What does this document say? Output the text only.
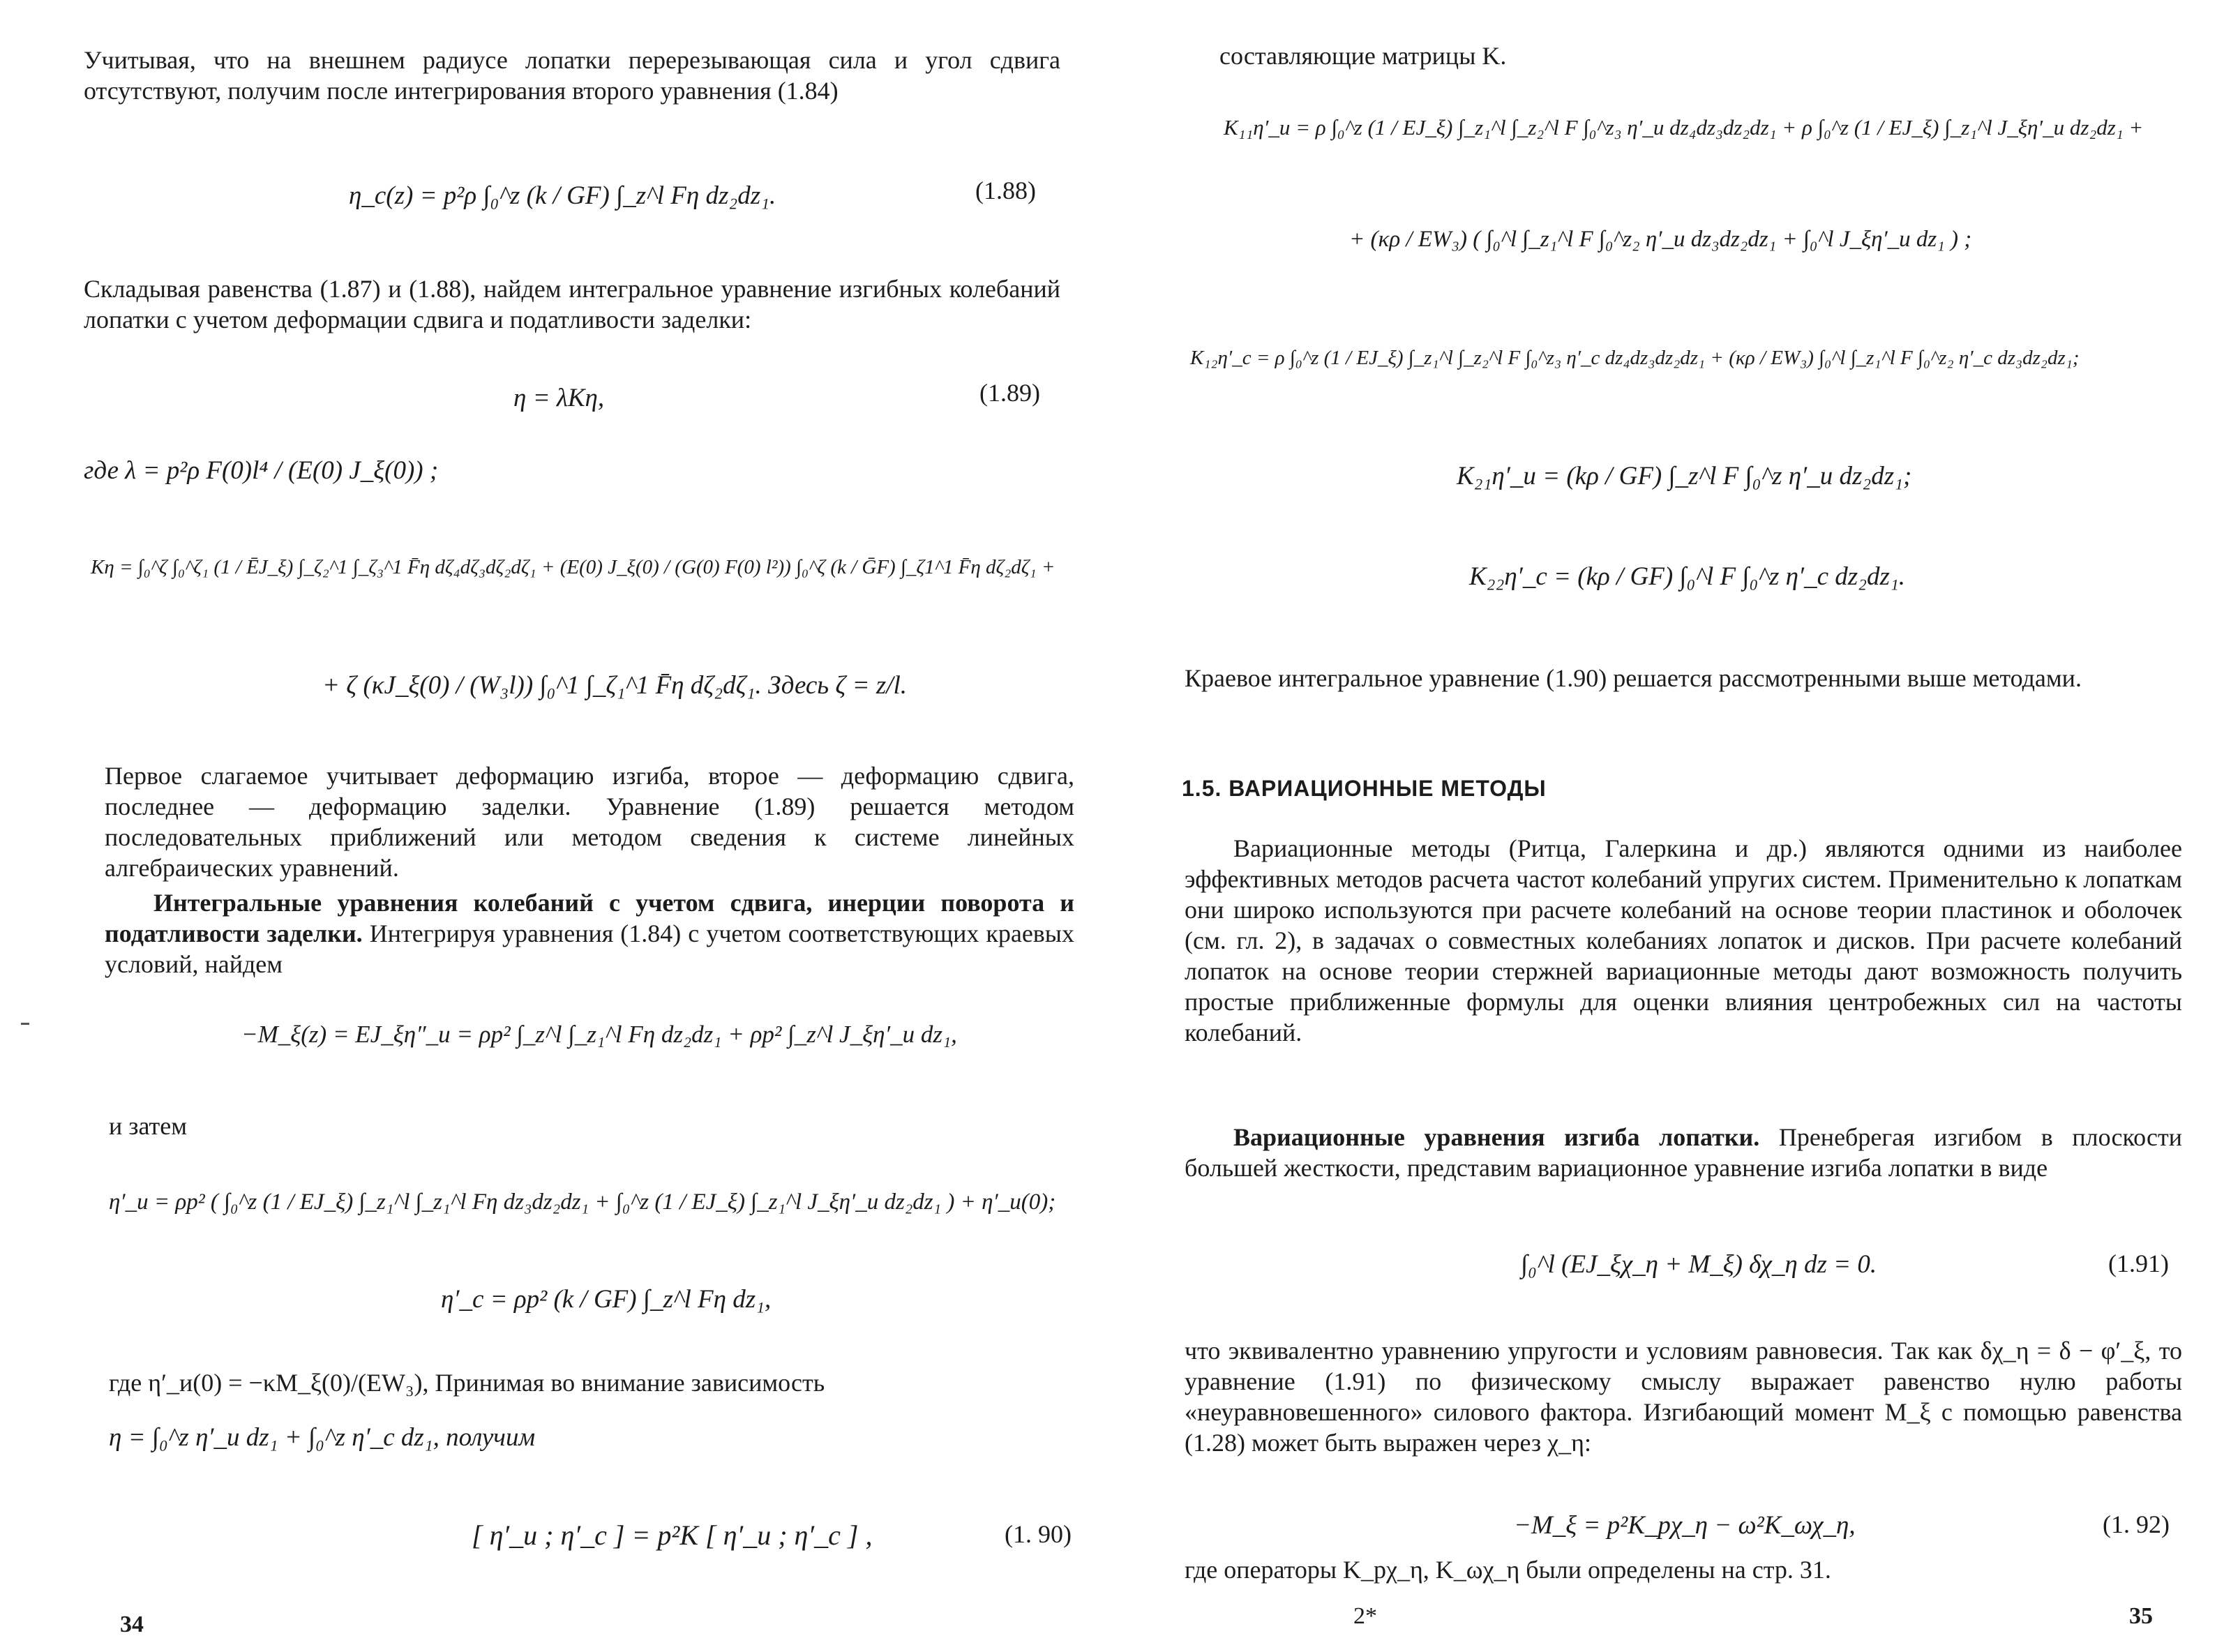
Учитывая, что на внешнем радиусе лопатки перерезывающая сила и угол сдвига отсутствуют, получим после интегрирования второго уравнения (1.84)
η_c(z) = p²ρ ∫₀^z (k / GF) ∫_z^l Fη dz₂dz₁.	(1.88)
Складывая равенства (1.87) и (1.88), найдем интегральное уравнение изгибных колебаний лопатки с учетом деформации сдвига и податливости заделки:
η = λKη,	(1.89)
где λ = p²ρ F(0)l⁴ / (E(0) J_ξ(0)) ;
Kη = ∫₀^ζ ∫₀^ζ₁ (1 / ĒJ_ξ) ∫_ζ₂^1 ∫_ζ₃^1 F̄η dζ₄dζ₃dζ₂dζ₁ + (E(0) J_ξ(0) / (G(0) F(0) l²)) ∫₀^ζ (k / ḠF) ∫_ζ1^1 F̄η dζ₂dζ₁ +
+ ζ (κJ_ξ(0) / (W₃l)) ∫₀^1 ∫_ζ₁^1 F̄η dζ₂dζ₁. Здесь ζ = z/l.
Первое слагаемое учитывает деформацию изгиба, второе — деформацию сдвига, последнее — деформацию заделки. Уравнение (1.89) решается методом последовательных приближений или методом сведения к системе линейных алгебраических уравнений.
Интегральные уравнения колебаний с учетом сдвига, инерции поворота и податливости заделки. Интегрируя уравнения (1.84) с учетом соответствующих краевых условий, найдем
−M_ξ(z) = EJ_ξη″_и = ρp² ∫_z^l ∫_z₁^l Fη dz₂dz₁ + ρp² ∫_z^l J_ξη′_и dz₁,
и затем
η′_и = ρp² ( ∫₀^z (1 / EJ_ξ) ∫_z₁^l ∫_z₁^l Fη dz₃dz₂dz₁ + ∫₀^z (1 / EJ_ξ) ∫_z₁^l J_ξη′_и dz₂dz₁ ) + η′_и(0);
η′_c = ρp² (k / GF) ∫_z^l Fη dz₁,
где η′_и(0) = −κM_ξ(0)/(EW₃), Принимая во внимание зависимость
η = ∫₀^z η′_и dz₁ + ∫₀^z η′_c dz₁, получим
[ η′_и ; η′_c ] = p²K [ η′_и ; η′_c ] ,	(1. 90)
34
составляющие матрицы K.
K₁₁η′_и = ρ ∫₀^z (1 / EJ_ξ) ∫_z₁^l ∫_z₂^l F ∫₀^z₃ η′_и dz₄dz₃dz₂dz₁ + ρ ∫₀^z (1 / EJ_ξ) ∫_z₁^l J_ξη′_и dz₂dz₁ +
+ (κρ / EW₃) ( ∫₀^l ∫_z₁^l F ∫₀^z₂ η′_и dz₃dz₂dz₁ + ∫₀^l J_ξη′_и dz₁ ) ;
K₁₂η′_c = ρ ∫₀^z (1 / EJ_ξ) ∫_z₁^l ∫_z₂^l F ∫₀^z₃ η′_c dz₄dz₃dz₂dz₁ + (κρ / EW₃) ∫₀^l ∫_z₁^l F ∫₀^z₂ η′_c dz₃dz₂dz₁;
K₂₁η′_и = (kρ / GF) ∫_z^l F ∫₀^z η′_и dz₂dz₁;
K₂₂η′_c = (kρ / GF) ∫₀^l F ∫₀^z η′_c dz₂dz₁.
Краевое интегральное уравнение (1.90) решается рассмотренными выше методами.
1.5. ВАРИАЦИОННЫЕ МЕТОДЫ
Вариационные методы (Ритца, Галеркина и др.) являются одними из наиболее эффективных методов расчета частот колебаний упругих систем. Применительно к лопаткам они широко используются при расчете колебаний на основе теории пластинок и оболочек (см. гл. 2), в задачах о совместных колебаниях лопаток и дисков. При расчете колебаний лопаток на основе теории стержней вариационные методы дают возможность получить простые приближенные формулы для оценки влияния центробежных сил на частоты колебаний.
Вариационные уравнения изгиба лопатки. Пренебрегая изгибом в плоскости большей жесткости, представим вариационное уравнение изгиба лопатки в виде
∫₀^l (EJ_ξχ_η + M_ξ) δχ_η dz = 0.	(1.91)
что эквивалентно уравнению упругости и условиям равновесия. Так как δχ_η = δ − φ′_ξ, то уравнение (1.91) по физическому смыслу выражает равенство нулю работы «неуравновешенного» силового фактора. Изгибающий момент M_ξ с помощью равенства (1.28) может быть выражен через χ_η:
−M_ξ = p²K_pχ_η − ω²K_ωχ_η,	(1. 92)
где операторы K_pχ_η, K_ωχ_η были определены на стр. 31.
2*	35
